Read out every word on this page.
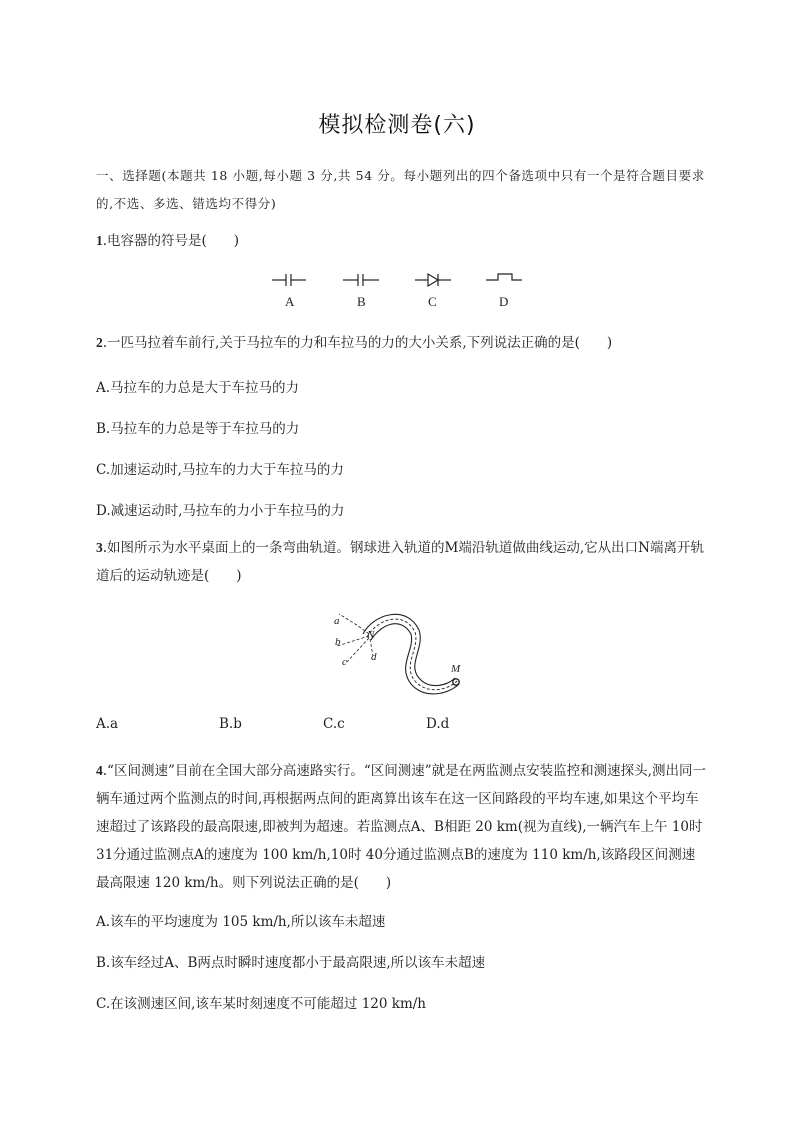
模拟检测卷(六)
一、选择题(本题共 18 小题,每小题 3 分,共 54 分。每小题列出的四个备选项中只有一个是符合题目要求的,不选、多选、错选均不得分)
1.电容器的符号是(　　)
A	B	C	D
2.一匹马拉着车前行,关于马拉车的力和车拉马的力的大小关系,下列说法正确的是(　　)
A.马拉车的力总是大于车拉马的力
B.马拉车的力总是等于车拉马的力
C.加速运动时,马拉车的力大于车拉马的力
D.减速运动时,马拉车的力小于车拉马的力
3.如图所示为水平桌面上的一条弯曲轨道。钢球进入轨道的M端沿轨道做曲线运动,它从出口N端离开轨道后的运动轨迹是(　　)
a
b
c d
N
M
A.a	B.b	C.c	D.d
4.“区间测速”目前在全国大部分高速路实行。“区间测速”就是在两监测点安装监控和测速探头,测出同一辆车通过两个监测点的时间,再根据两点间的距离算出该车在这一区间路段的平均车速,如果这个平均车速超过了该路段的最高限速,即被判为超速。若监测点A、B相距 20 km(视为直线),一辆汽车上午 10时 31分通过监测点A的速度为 100 km/h,10时 40分通过监测点B的速度为 110 km/h,该路段区间测速最高限速 120 km/h。则下列说法正确的是(　　)
A.该车的平均速度为 105 km/h,所以该车未超速
B.该车经过A、B两点时瞬时速度都小于最高限速,所以该车未超速
C.在该测速区间,该车某时刻速度不可能超过 120 km/h
